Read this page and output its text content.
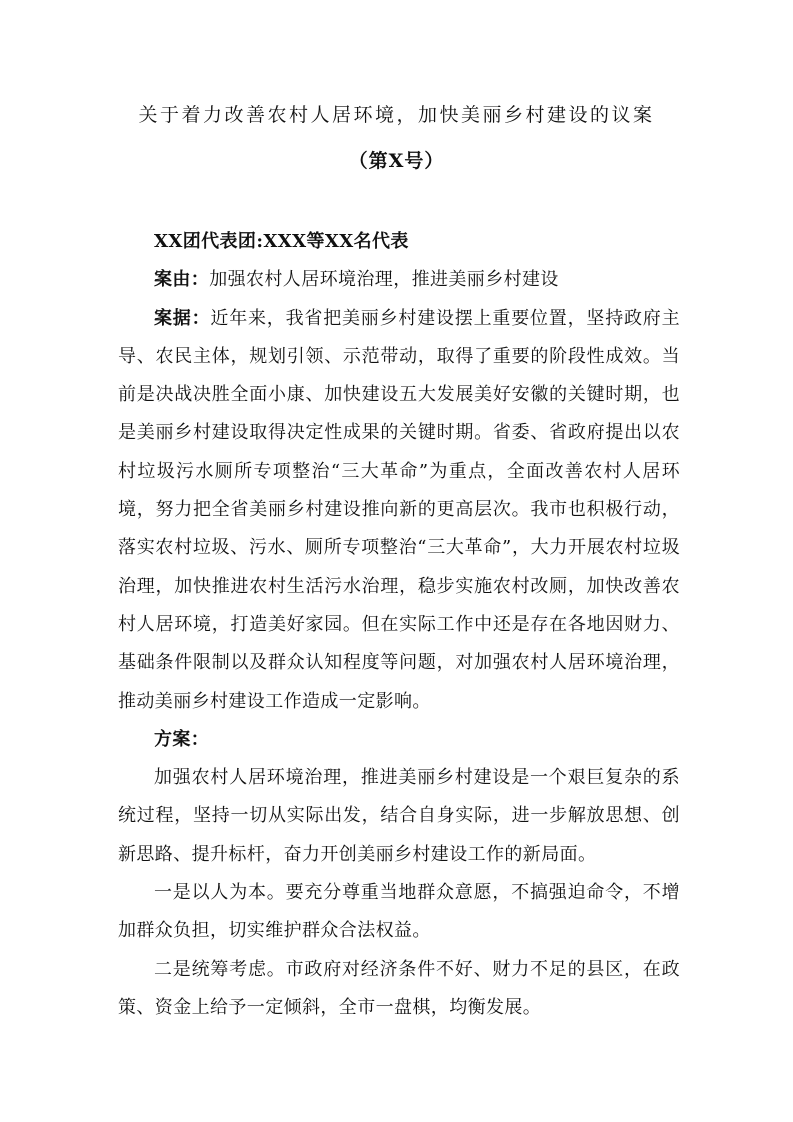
关于着力改善农村人居环境，加快美丽乡村建设的议案
（第X号）

XX团代表团:XXX等XX名代表

案由：加强农村人居环境治理，推进美丽乡村建设

案据：近年来，我省把美丽乡村建设摆上重要位置，坚持政府主导、农民主体，规划引领、示范带动，取得了重要的阶段性成效。当前是决战决胜全面小康、加快建设五大发展美好安徽的关键时期，也是美丽乡村建设取得决定性成果的关键时期。省委、省政府提出以农村垃圾污水厕所专项整治“三大革命”为重点，全面改善农村人居环境，努力把全省美丽乡村建设推向新的更高层次。我市也积极行动，落实农村垃圾、污水、厕所专项整治“三大革命”，大力开展农村垃圾治理，加快推进农村生活污水治理，稳步实施农村改厕，加快改善农村人居环境，打造美好家园。但在实际工作中还是存在各地因财力、基础条件限制以及群众认知程度等问题，对加强农村人居环境治理，推动美丽乡村建设工作造成一定影响。

方案：

加强农村人居环境治理，推进美丽乡村建设是一个艰巨复杂的系统过程，坚持一切从实际出发，结合自身实际，进一步解放思想、创新思路、提升标杆，奋力开创美丽乡村建设工作的新局面。

一是以人为本。要充分尊重当地群众意愿，不搞强迫命令，不增加群众负担，切实维护群众合法权益。

二是统筹考虑。市政府对经济条件不好、财力不足的县区，在政策、资金上给予一定倾斜，全市一盘棋，均衡发展。
